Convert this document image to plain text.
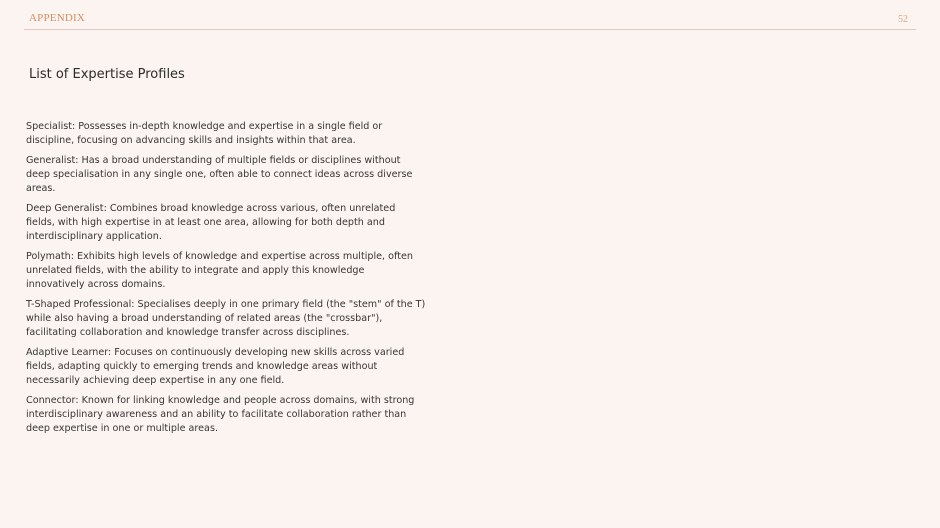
APPENDIX	52
List of Expertise Profiles
Specialist: Possesses in-depth knowledge and expertise in a single field or discipline, focusing on advancing skills and insights within that area.
Generalist: Has a broad understanding of multiple fields or disciplines without deep specialisation in any single one, often able to connect ideas across diverse areas.
Deep Generalist: Combines broad knowledge across various, often unrelated fields, with high expertise in at least one area, allowing for both depth and interdisciplinary application.
Polymath: Exhibits high levels of knowledge and expertise across multiple, often unrelated fields, with the ability to integrate and apply this knowledge innovatively across domains.
T-Shaped Professional: Specialises deeply in one primary field (the "stem" of the T) while also having a broad understanding of related areas (the "crossbar"), facilitating collaboration and knowledge transfer across disciplines.
Adaptive Learner: Focuses on continuously developing new skills across varied fields, adapting quickly to emerging trends and knowledge areas without necessarily achieving deep expertise in any one field.
Connector: Known for linking knowledge and people across domains, with strong interdisciplinary awareness and an ability to facilitate collaboration rather than deep expertise in one or multiple areas.
